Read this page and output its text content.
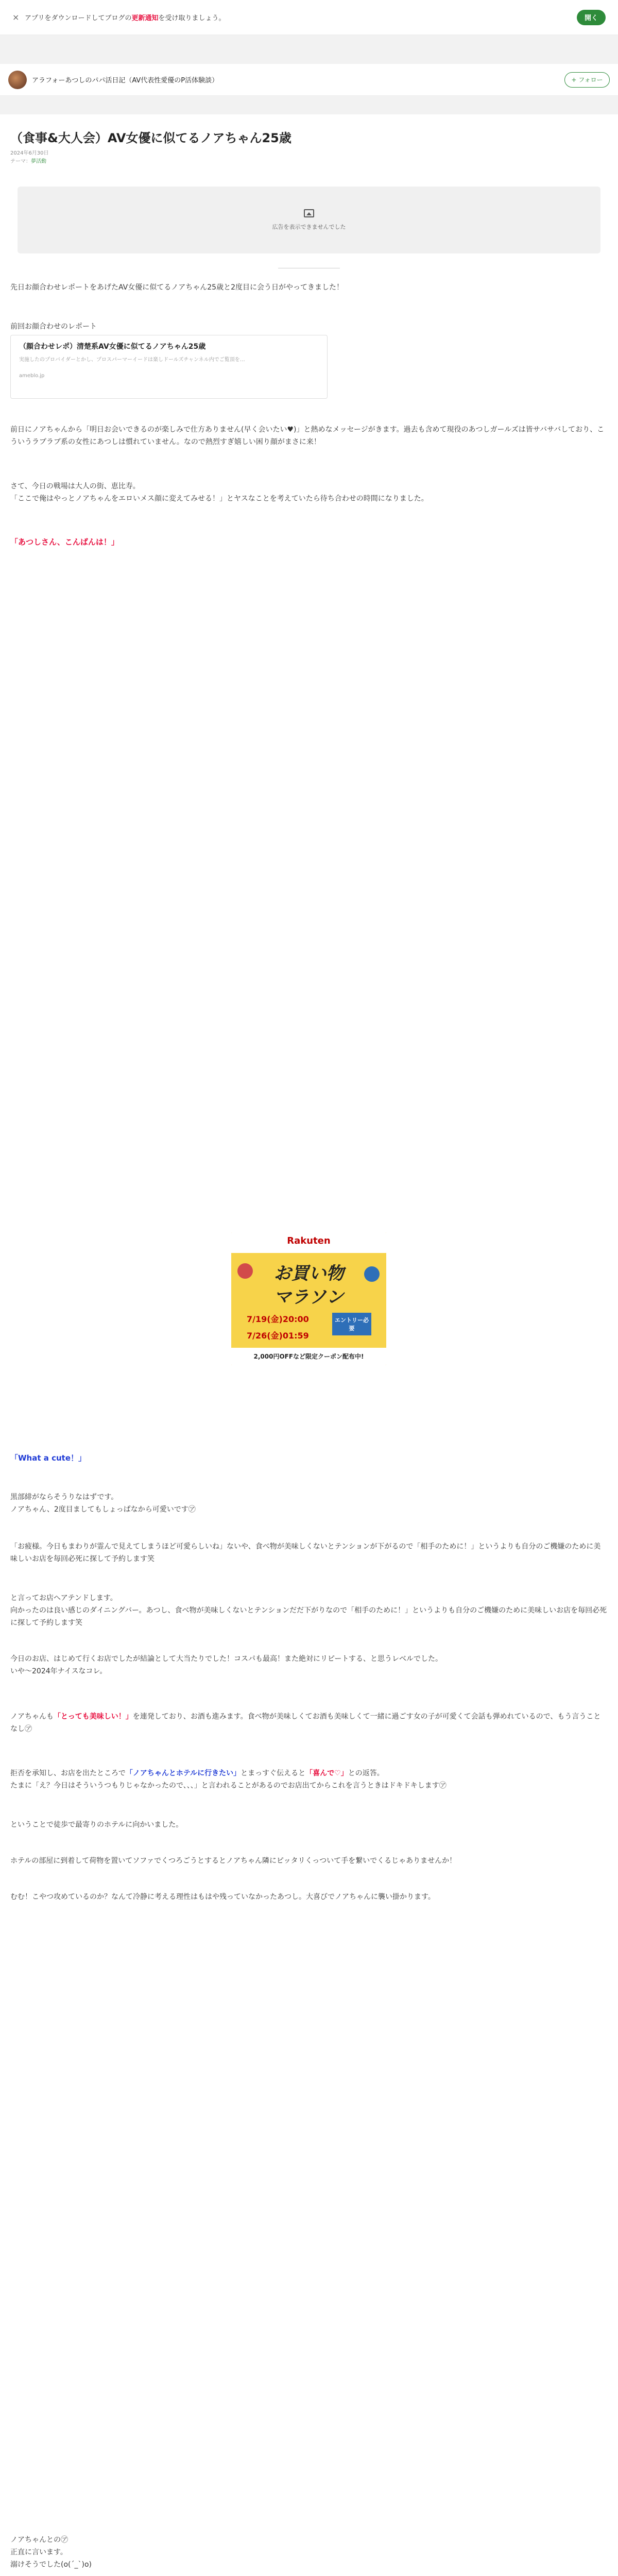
× アプリをダウンロードしてブログの更新通知を受け取りましょう。	開く
アラフォーあつしのパパ活日記（AV代表性愛優のP活体験談）	+ フォロー
（食事&大人会）AV女優に似てるノアちゃん25歳
2024年6月30日
テーマ：夢活動
広告を表示できませんでした

先日お顔合わせレポートをあげたAV女優に似てるノアちゃん25歳と2度目に会う日がやってきました！

前回お顔合わせのレポート

（顔合わせレポ）清楚系AV女優に似てるノアちゃん25歳
実施したのプロバイダーとかし、プロスパーマーイードは楽しドールズチャンネル内でご覧頂を…
ameblo.jp

前日にノアちゃんから「明日お会いできるのが楽しみで仕方ありません(早く会いたい♥)」と熱めなメッセージがきます。過去も含めて現役のあつしガールズは皆サバサバしており、こういうラブラブ系の女性にあつしは慣れていません。なので熱烈すぎ嬉しい困り顔がまさに来！

さて、今日の戦場は大人の街、恵比寿。

「ここで俺はやっとノアちゃんをエロいメス顔に変えてみせる！」とヤスなことを考えていたら待ち合わせの時間になりました。

「あつしさん、こんばんは！」

Rakuten
お買い物
マラソン
7/19(金)20:00
7/26(金)01:59
エントリー必要
2,000円OFFなど限定クーポン配布中!

「What a cute！」

黒部緋がならそうりなはずです。

ノアちゃん、2度目ましてもしょっぱなから可愛いです㋐

「お疲様。今日もまわりが霊んで見えてしまうほど可愛らしいね」ないや、食べ物が美味しくないとテンションが下がるので「相手のために！」というよりも自分のご機嫌のために美味しいお店を毎回必死に探して予約します笑

と言ってお店へアテンドします。

向かったのは良い感じのダイニングバー。あつし、食べ物が美味しくないとテンションだだ下がりなので「相手のために！」というよりも自分のご機嫌のために美味しいお店を毎回必死に探して予約します笑

今日のお店、はじめて行くお店でしたが結論として大当たりでした！コスパも最高！また絶対にリピートする、と思うレベルでした。

いや〜2024年ナイスなコレ。

ノアちゃんも「とっても美味しい！」を連発しており、お酒も進みます。食べ物が美味しくてお酒も美味しくて一緒に過ごす女の子が可愛くて会話も弾めれているので、もう言うことなし㋐

拒否を承知し、お店を出たところで「ノアちゃんとホテルに行きたい」とまっすぐ伝えると「喜んで♡」との返答。

たまに「え？今日はそういうつもりじゃなかったので、、、」と言われることがあるのでお店出てからこれを言うときはドキドキします㋐

ということで徒歩で最寄りのホテルに向かいました。

ホテルの部屋に到着して荷物を置いてソファでくつろごうとするとノアちゃん隣にピッタリくっついて手を繋いでくるじゃありませんか！

むむ！こやつ攻めているのか？なんて冷静に考える理性はもはや残っていなかったあつし。大喜びでノアちゃんに襲い掛かります。

ノアちゃんとの㋐

正直に言います。

溺けそうでした(o(´_`)o)
